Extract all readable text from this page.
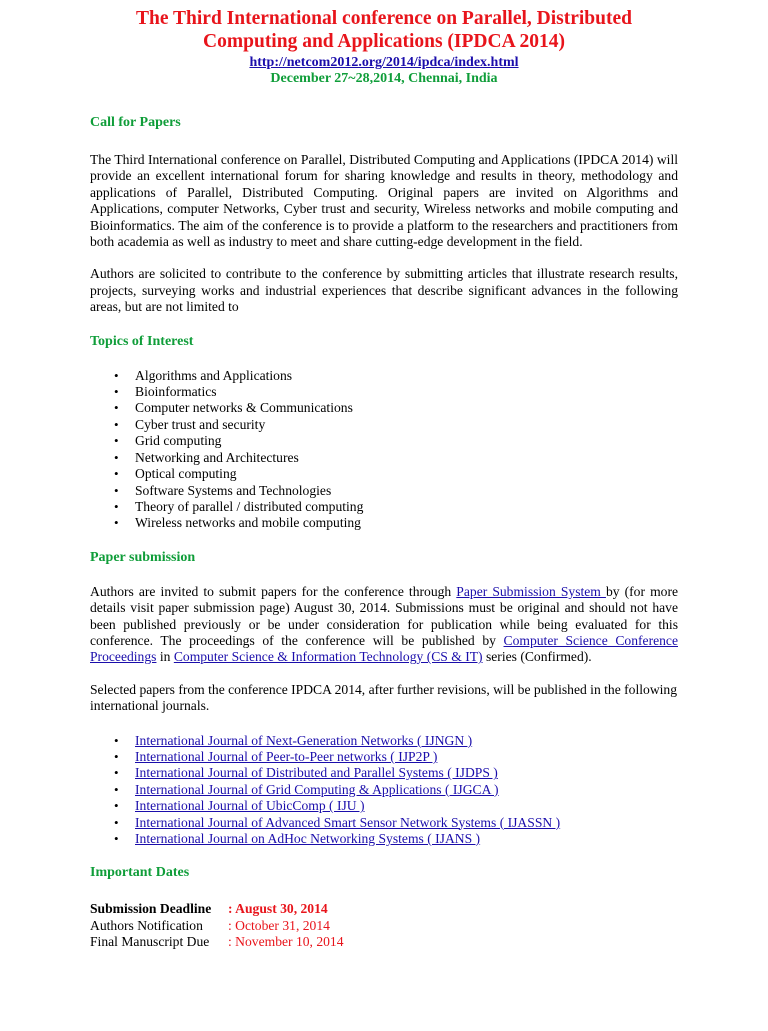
The Third International conference on Parallel, Distributed
Computing and Applications (IPDCA 2014)
http://netcom2012.org/2014/ipdca/index.html
December 27~28,2014, Chennai, India
Call for Papers

The Third International conference on Parallel, Distributed Computing and Applications (IPDCA 2014) will provide an excellent international forum for sharing knowledge and results in theory, methodology and applications of Parallel, Distributed Computing. Original papers are invited on Algorithms and Applications, computer Networks, Cyber trust and security, Wireless networks and mobile computing and Bioinformatics. The aim of the conference is to provide a platform to the researchers and practitioners from both academia as well as industry to meet and share cutting-edge development in the field.

Authors are solicited to contribute to the conference by submitting articles that illustrate research results, projects, surveying works and industrial experiences that describe significant advances in the following areas, but are not limited to

Topics of Interest
• Algorithms and Applications
• Bioinformatics
• Computer networks & Communications
• Cyber trust and security
• Grid computing
• Networking and Architectures
• Optical computing
• Software Systems and Technologies
• Theory of parallel / distributed computing
• Wireless networks and mobile computing
Paper submission

Authors are invited to submit papers for the conference through Paper Submission System by (for more details visit paper submission page) August 30, 2014. Submissions must be original and should not have been published previously or be under consideration for publication while being evaluated for this conference. The proceedings of the conference will be published by Computer Science Conference Proceedings in Computer Science & Information Technology (CS & IT) series (Confirmed).

Selected papers from the conference IPDCA 2014, after further revisions, will be published in the following international journals.

• International Journal of Next-Generation Networks ( IJNGN )
• International Journal of Peer-to-Peer networks ( IJP2P )
• International Journal of Distributed and Parallel Systems ( IJDPS )
• International Journal of Grid Computing & Applications ( IJGCA )
• International Journal of UbicComp ( IJU )
• International Journal of Advanced Smart Sensor Network Systems ( IJASSN )
• International Journal on AdHoc Networking Systems ( IJANS )
Important Dates
Submission Deadline	: August 30, 2014
Authors Notification	: October 31, 2014
Final Manuscript Due	: November 10, 2014
